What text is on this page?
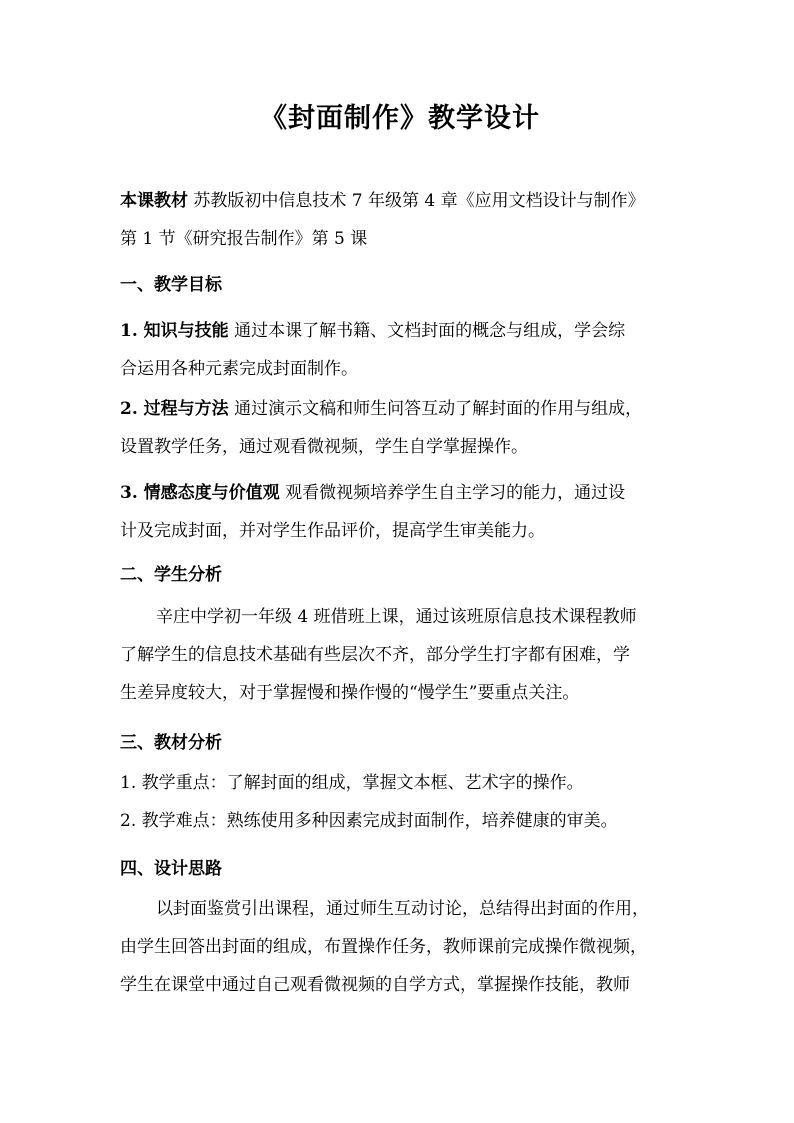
《封面制作》教学设计
本课教材 苏教版初中信息技术 7 年级第 4 章《应用文档设计与制作》
第 1 节《研究报告制作》第 5 课
一、教学目标
1. 知识与技能 通过本课了解书籍、文档封面的概念与组成，学会综
合运用各种元素完成封面制作。
2. 过程与方法 通过演示文稿和师生问答互动了解封面的作用与组成，
设置教学任务，通过观看微视频，学生自学掌握操作。
3. 情感态度与价值观 观看微视频培养学生自主学习的能力，通过设
计及完成封面，并对学生作品评价，提高学生审美能力。
二、学生分析
辛庄中学初一年级 4 班借班上课，通过该班原信息技术课程教师
了解学生的信息技术基础有些层次不齐，部分学生打字都有困难，学
生差异度较大，对于掌握慢和操作慢的“慢学生”要重点关注。
三、教材分析
1. 教学重点：了解封面的组成，掌握文本框、艺术字的操作。
2. 教学难点：熟练使用多种因素完成封面制作，培养健康的审美。
四、设计思路
以封面鉴赏引出课程，通过师生互动讨论，总结得出封面的作用，
由学生回答出封面的组成，布置操作任务，教师课前完成操作微视频，
学生在课堂中通过自己观看微视频的自学方式，掌握操作技能，教师
